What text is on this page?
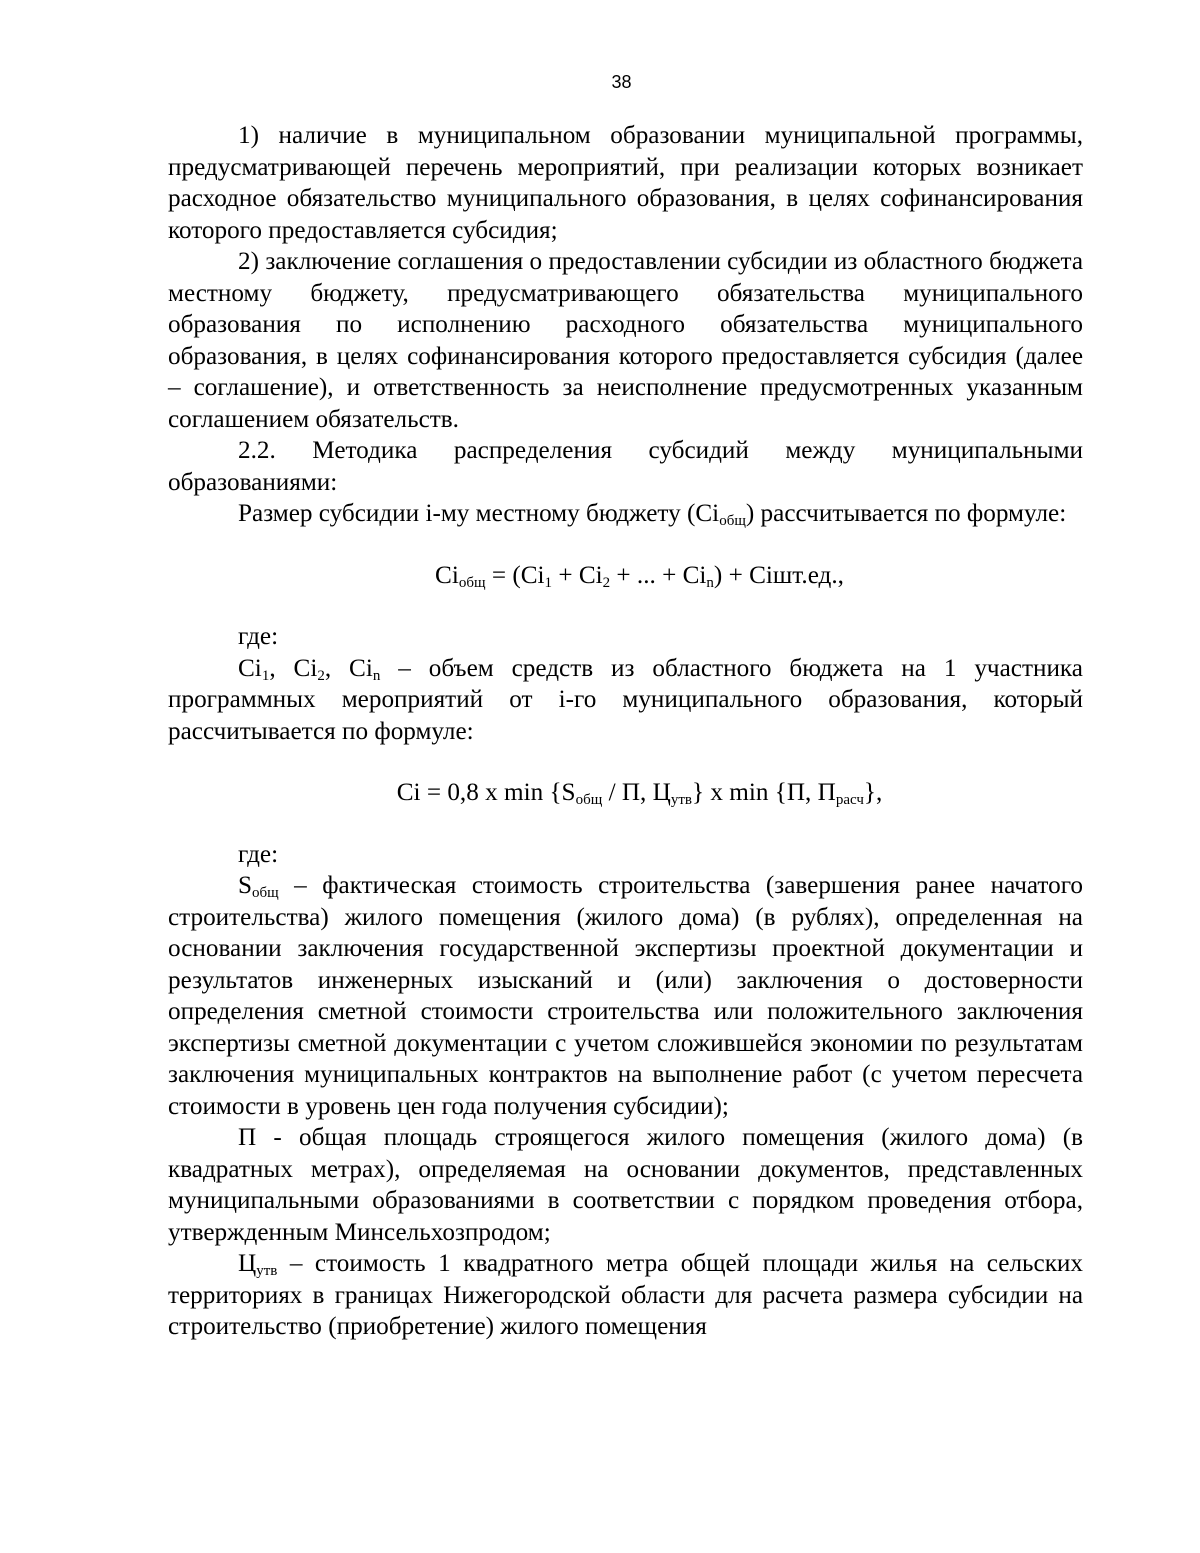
38

1) наличие в муниципальном образовании муниципальной программы, предусматривающей перечень мероприятий, при реализации которых возникает расходное обязательство муниципального образования, в целях софинансирования которого предоставляется субсидия;

2) заключение соглашения о предоставлении субсидии из областного бюджета местному бюджету, предусматривающего обязательства муниципального образования по исполнению расходного обязательства муниципального образования, в целях софинансирования которого предоставляется субсидия (далее – соглашение), и ответственность за неисполнение предусмотренных указанным соглашением обязательств.

2.2. Методика распределения субсидий между муниципальными образованиями:

Размер субсидии i-му местному бюджету $(Ci_{общ})$ рассчитывается по формуле:

$Ci_{общ} = (Ci_1 + Ci_2$ + ... + $Ci_n$) + Ciшт.ед.,

где:

$Ci_1$, $Ci_2$, $Ci_n$ – объем средств из областного бюджета на 1 участника программных мероприятий от i-го муниципального образования, который рассчитывается по формуле:

Ci = 0,8 x $\min \{S_{общ}$ / П, $Ц_{утв}$} x min {П, $П_{расч}$},

где:

$S_{общ}$ – фактическая стоимость строительства (завершения ранее начатого строительства) жилого помещения (жилого дома) (в рублях), определенная на основании заключения государственной экспертизы проектной документации и результатов инженерных изысканий и (или) заключения о достоверности определения сметной стоимости строительства или положительного заключения экспертизы сметной документации с учетом сложившейся экономии по результатам заключения муниципальных контрактов на выполнение работ (с учетом пересчета стоимости в уровень цен года получения субсидии);

П - общая площадь строящегося жилого помещения (жилого дома) (в квадратных метрах), определяемая на основании документов, представленных муниципальными образованиями в соответствии с порядком проведения отбора, утвержденным Минсельхозпродом;

$Ц_{утв}$ – стоимость 1 квадратного метра общей площади жилья на сельских территориях в границах Нижегородской области для расчета размера субсидии на строительство (приобретение) жилого помещения
